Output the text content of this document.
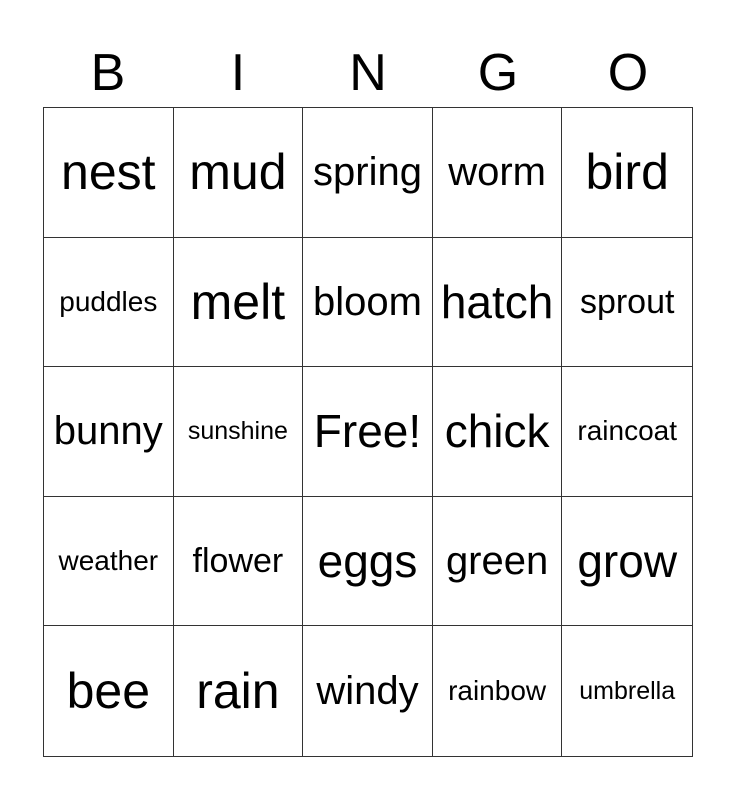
B	I	N	G	O
nest mud spring worm bird
puddles melt bloom hatch sprout
bunny	sunshine Free! chick raincoat
weather	flower eggs green grow
bee rain windy	rainbow	umbrella
